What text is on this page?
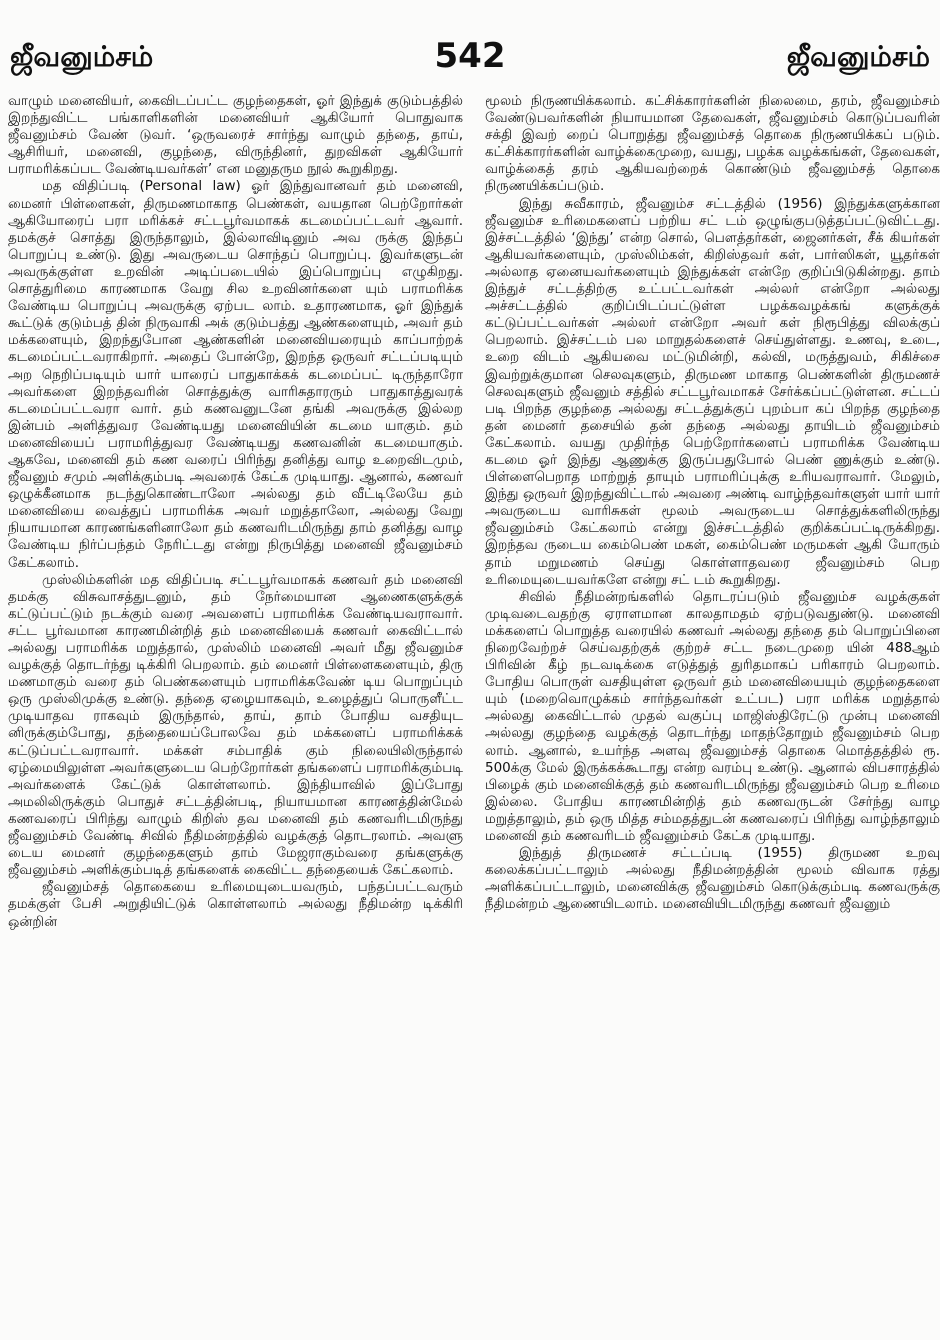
ஜீவனும்சம்	542	ஜீவனும்சம்

வாழும் மனைவியர், கைவிடப்பட்ட குழந்தைகள், ஓர் இந்துக் குடும்பத்தில் இறந்துவிட்ட பங்காளிகளின் மனைவியர் ஆகியோர் பொதுவாக ஜீவனும்சம் வேண் டுவர். ‘ஒருவரைச் சார்ந்து வாழும் தந்தை, தாய், ஆசிரியர், மனைவி, குழந்தை, விருந்தினர், துறவிகள் ஆகியோர் பராமரிக்கப்பட வேண்டியவர்கள்’ என மனுதரும நூல் கூறுகிறது.

மத விதிப்படி (Personal law) ஓர் இந்துவானவர் தம் மனைவி, மைனர் பிள்ளைகள், திருமணமாகாத பெண்கள், வயதான பெற்றோர்கள் ஆகியோரைப் பரா மரிக்கச் சட்டபூர்வமாகக் கடமைப்பட்டவர் ஆவார். தமக்குச் சொத்து இருந்தாலும், இல்லாவிடினும் அவ ருக்கு இந்தப் பொறுப்பு உண்டு. இது அவருடைய சொந்தப் பொறுப்பு. இவர்களுடன் அவருக்குள்ள உறவின் அடிப்படையில் இப்பொறுப்பு எழுகிறது. சொத்துரிமை காரணமாக வேறு சில உறவினர்களை யும் பராமரிக்க வேண்டிய பொறுப்பு அவருக்கு ஏற்பட லாம். உதாரணமாக, ஓர் இந்துக் கூட்டுக் குடும்பத் தின் நிருவாகி அக் குடும்பத்து ஆண்களையும், அவர் தம் மக்களையும், இறந்துபோன ஆண்களின் மனைவியரையும் காப்பாற்றக் கடமைப்பட்டவராகிறார். அதைப் போன்றே, இறந்த ஒருவர் சட்டப்படியும் அற நெறிப்படியும் யார் யாரைப் பாதுகாக்கக் கடமைப்பட் டிருந்தாரோ அவர்களை இறந்தவரின் சொத்துக்கு வாரிசுதாரரும் பாதுகாத்துவரக் கடமைப்பட்டவரா வார். தம் கணவனுடனே தங்கி அவருக்கு இல்லற இன்பம் அளித்துவர வேண்டியது மனைவியின் கடமை யாகும். தம் மனைவியைப் பராமரித்துவர வேண்டியது கணவனின் கடமையாகும். ஆகவே, மனைவி தம் கண வரைப் பிரிந்து தனித்து வாழ உறைவிடமும், ஜீவனும் சமும் அளிக்கும்படி அவரைக் கேட்க முடியாது. ஆனால், கணவர் ஒழுக்கீனமாக நடந்துகொண்டாலோ அல்லது தம் வீட்டிலேயே தம் மனைவியை வைத்துப் பராமரிக்க அவர் மறுத்தாலோ, அல்லது வேறு நியாயமான காரணங்களினாலோ தம் கணவரிடமிருந்து தாம் தனித்து வாழ வேண்டிய நிர்ப்பந்தம் நேரிட்டது என்று நிருபித்து மனைவி ஜீவனும்சம் கேட்கலாம்.

முஸ்லிம்களின் மத விதிப்படி சட்டபூர்வமாகக் கணவர் தம் மனைவி தமக்கு விசுவாசத்துடனும், தம் நேர்மையான ஆணைகளுக்குக் கட்டுப்பட்டும் நடக்கும் வரை அவளைப் பராமரிக்க வேண்டியவராவார். சட்ட பூர்வமான காரணமின்றித் தம் மனைவியைக் கணவர் கைவிட்டால் அல்லது பராமரிக்க மறுத்தால், முஸ்லிம் மனைவி அவர் மீது ஜீவனும்ச வழக்குத் தொடர்ந்து டிக்கிரி பெறலாம். தம் மைனர் பிள்ளைகளையும், திரு மணமாகும் வரை தம் பெண்களையும் பராமரிக்கவேண் டிய பொறுப்பும் ஒரு முஸ்லிமுக்கு உண்டு. தந்தை ஏழையாகவும், உழைத்துப் பொருளீட்ட முடியாதவ ராகவும் இருந்தால், தாய், தாம் போதிய வசதியுட னிருக்கும்போது, தந்தையைப்போலவே தம் மக்களைப் பராமரிக்கக் கட்டுப்பட்டவராவார். மக்கள் சம்பாதிக் கும் நிலையிலிருந்தால் ஏழ்மையிலுள்ள அவர்களுடைய பெற்றோர்கள் தங்களைப் பராமரிக்கும்படி அவர்களைக் கேட்டுக் கொள்ளலாம். இந்தியாவில் இப்போது அமலிலிருக்கும் பொதுச் சட்டத்தின்படி, நியாயமான காரணத்தின்மேல் கணவரைப் பிரிந்து வாழும் கிறிஸ் தவ மனைவி தம் கணவரிடமிருந்து ஜீவனும்சம் வேண்டி சிவில் நீதிமன்றத்தில் வழக்குத் தொடரலாம். அவளு டைய மைனர் குழந்தைகளும் தாம் மேஜராகும்வரை தங்களுக்கு ஜீவனும்சம் அளிக்கும்படித் தங்களைக் கைவிட்ட தந்தையைக் கேட்கலாம்.

ஜீவனும்சத் தொகையை உரிமையுடையவரும், பந்தப்பட்டவரும் தமக்குள் பேசி அறுதியிட்டுக் கொள்ளலாம் அல்லது நீதிமன்ற டிக்கிரி ஒன்றின்

மூலம் நிருணயிக்கலாம். கட்சிக்காரர்களின் நிலைமை, தரம், ஜீவனும்சம் வேண்டுபவர்களின் நியாயமான தேவைகள், ஜீவனும்சம் கொடுப்பவரின் சக்தி இவற் றைப் பொறுத்து ஜீவனும்சத் தொகை நிருணயிக்கப் படும். கட்சிக்காரர்களின் வாழ்க்கைமுறை, வயது, பழக்க வழக்கங்கள், தேவைகள், வாழ்க்கைத் தரம் ஆகியவற்றைக் கொண்டும் ஜீவனும்சத் தொகை நிருணயிக்கப்படும்.

இந்து சுவீகாரம், ஜீவனும்ச சட்டத்தில் (1956) இந்துக்களுக்கான ஜீவனும்ச உரிமைகளைப் பற்றிய சட் டம் ஒழுங்குபடுத்தப்பட்டுவிட்டது. இச்சட்டத்தில் ‘இந்து’ என்ற சொல், பௌத்தர்கள், ஜைனர்கள், சீக் கியர்கள் ஆகியவர்களையும், முஸ்லிம்கள், கிறிஸ்தவர் கள், பார்ஸிகள், யூதர்கள் அல்லாத ஏனையவர்களையும் இந்துக்கள் என்றே குறிப்பிடுகின்றது. தாம் இந்துச் சட்டத்திற்கு உட்பட்டவர்கள் அல்லர் என்றோ அல்லது அச்சட்டத்தில் குறிப்பிடப்பட்டுள்ள பழக்கவழக்கங் களுக்குக் கட்டுப்பட்டவர்கள் அல்லர் என்றோ அவர் கள் நிரூபித்து விலக்குப் பெறலாம். இச்சட்டம் பல மாறுதல்களைச் செய்துள்ளது. உணவு, உடை, உறை விடம் ஆகியவை மட்டுமின்றி, கல்வி, மருத்துவம், சிகிச்சை இவற்றுக்குமான செலவுகளும், திருமண மாகாத பெண்களின் திருமணச் செலவுகளும் ஜீவனும் சத்தில் சட்டபூர்வமாகச் சேர்க்கப்பட்டுள்ளன. சட்டப் படி பிறந்த குழந்தை அல்லது சட்டத்துக்குப் புறம்பா கப் பிறந்த குழந்தை தன் மைனர் தசையில் தன் தந்தை அல்லது தாயிடம் ஜீவனும்சம் கேட்கலாம். வயது முதிர்ந்த பெற்றோர்களைப் பராமரிக்க வேண்டிய கடமை ஓர் இந்து ஆணுக்கு இருப்பதுபோல் பெண் ணுக்கும் உண்டு. பிள்ளைபெறாத மாற்றுத் தாயும் பராமரிப்புக்கு உரியவராவார். மேலும், இந்து ஒருவர் இறந்துவிட்டால் அவரை அண்டி வாழ்ந்தவர்களுள் யார் யார் அவருடைய வாரிசுகள் மூலம் அவருடைய சொத்துக்களிலிருந்து ஜீவனும்சம் கேட்கலாம் என்று இச்சட்டத்தில் குறிக்கப்பட்டிருக்கிறது. இறந்தவ ருடைய கைம்பெண் மகள், கைம்பெண் மருமகள் ஆகி யோரும் தாம் மறுமணம் செய்து கொள்ளாதவரை ஜீவனும்சம் பெற உரிமையுடையவர்களே என்று சட் டம் கூறுகிறது.

சிவில் நீதிமன்றங்களில் தொடரப்படும் ஜீவனும்ச வழக்குகள் முடிவடைவதற்கு ஏராளமான காலதாமதம் ஏற்படுவதுண்டு. மனைவி மக்களைப் பொறுத்த வரையில் கணவர் அல்லது தந்தை தம் பொறுப்பினை நிறைவேற்றச் செய்வதற்குக் குற்றச் சட்ட நடைமுறை யின் 488ஆம் பிரிவின் கீழ் நடவடிக்கை எடுத்துத் துரிதமாகப் பரிகாரம் பெறலாம். போதிய பொருள் வசதியுள்ள ஒருவர் தம் மனைவியையும் குழந்தைகளை யும் (மறைவொழுக்கம் சார்ந்தவர்கள் உட்பட) பரா மரிக்க மறுத்தால் அல்லது கைவிட்டால் முதல் வகுப்பு மாஜிஸ்திரேட்டு முன்பு மனைவி அல்லது குழந்தை வழக்குத் தொடர்ந்து மாதந்தோறும் ஜீவனும்சம் பெற லாம். ஆனால், உயர்ந்த அளவு ஜீவனும்சத் தொகை மொத்தத்தில் ரூ. 500க்கு மேல் இருக்கக்கூடாது என்ற வரம்பு உண்டு. ஆனால் விபசாரத்தில் பிழைக் கும் மனைவிக்குத் தம் கணவரிடமிருந்து ஜீவனும்சம் பெற உரிமை இல்லை. போதிய காரணமின்றித் தம் கணவருடன் சேர்ந்து வாழ மறுத்தாலும், தம் ஒரு மித்த சம்மதத்துடன் கணவரைப் பிரிந்து வாழ்ந்தாலும் மனைவி தம் கணவரிடம் ஜீவனும்சம் கேட்க முடியாது.

இந்துத் திருமணச் சட்டப்படி (1955) திருமண உறவு கலைக்கப்பட்டாலும் அல்லது நீதிமன்றத்தின் மூலம் விவாக ரத்து அளிக்கப்பட்டாலும், மனைவிக்கு ஜீவனும்சம் கொடுக்கும்படி கணவருக்கு நீதிமன்றம் ஆணையிடலாம். மனைவியிடமிருந்து கணவர் ஜீவனும்
